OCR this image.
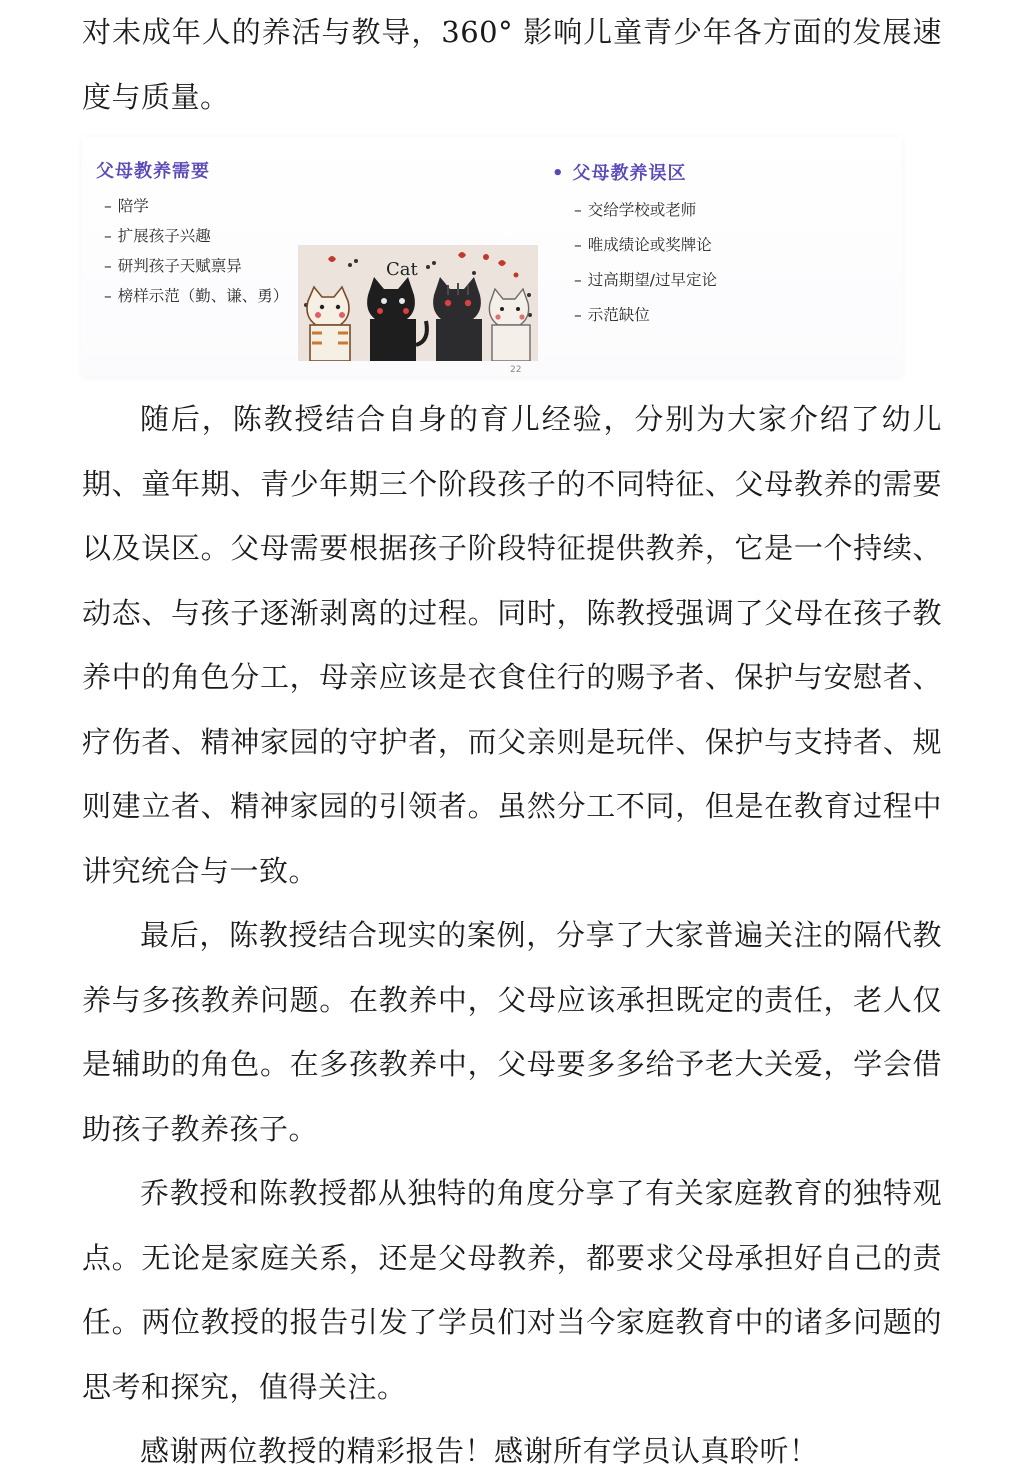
对未成年人的养活与教导，360° 影响儿童青少年各方面的发展速度与质量。

父母教养需要
– 陪学
– 扩展孩子兴趣
– 研判孩子天赋禀异
– 榜样示范（勤、谦、勇）
Cat
• 父母教养误区
– 交给学校或老师
– 唯成绩论或奖牌论
– 过高期望/过早定论
– 示范缺位
22

随后，陈教授结合自身的育儿经验，分别为大家介绍了幼儿期、童年期、青少年期三个阶段孩子的不同特征、父母教养的需要以及误区。父母需要根据孩子阶段特征提供教养，它是一个持续、动态、与孩子逐渐剥离的过程。同时，陈教授强调了父母在孩子教养中的角色分工，母亲应该是衣食住行的赐予者、保护与安慰者、疗伤者、精神家园的守护者，而父亲则是玩伴、保护与支持者、规则建立者、精神家园的引领者。虽然分工不同，但是在教育过程中讲究统合与一致。

最后，陈教授结合现实的案例，分享了大家普遍关注的隔代教养与多孩教养问题。在教养中，父母应该承担既定的责任，老人仅是辅助的角色。在多孩教养中，父母要多多给予老大关爱，学会借助孩子教养孩子。

乔教授和陈教授都从独特的角度分享了有关家庭教育的独特观点。无论是家庭关系，还是父母教养，都要求父母承担好自己的责任。两位教授的报告引发了学员们对当今家庭教育中的诸多问题的思考和探究，值得关注。

感谢两位教授的精彩报告！感谢所有学员认真聆听！
